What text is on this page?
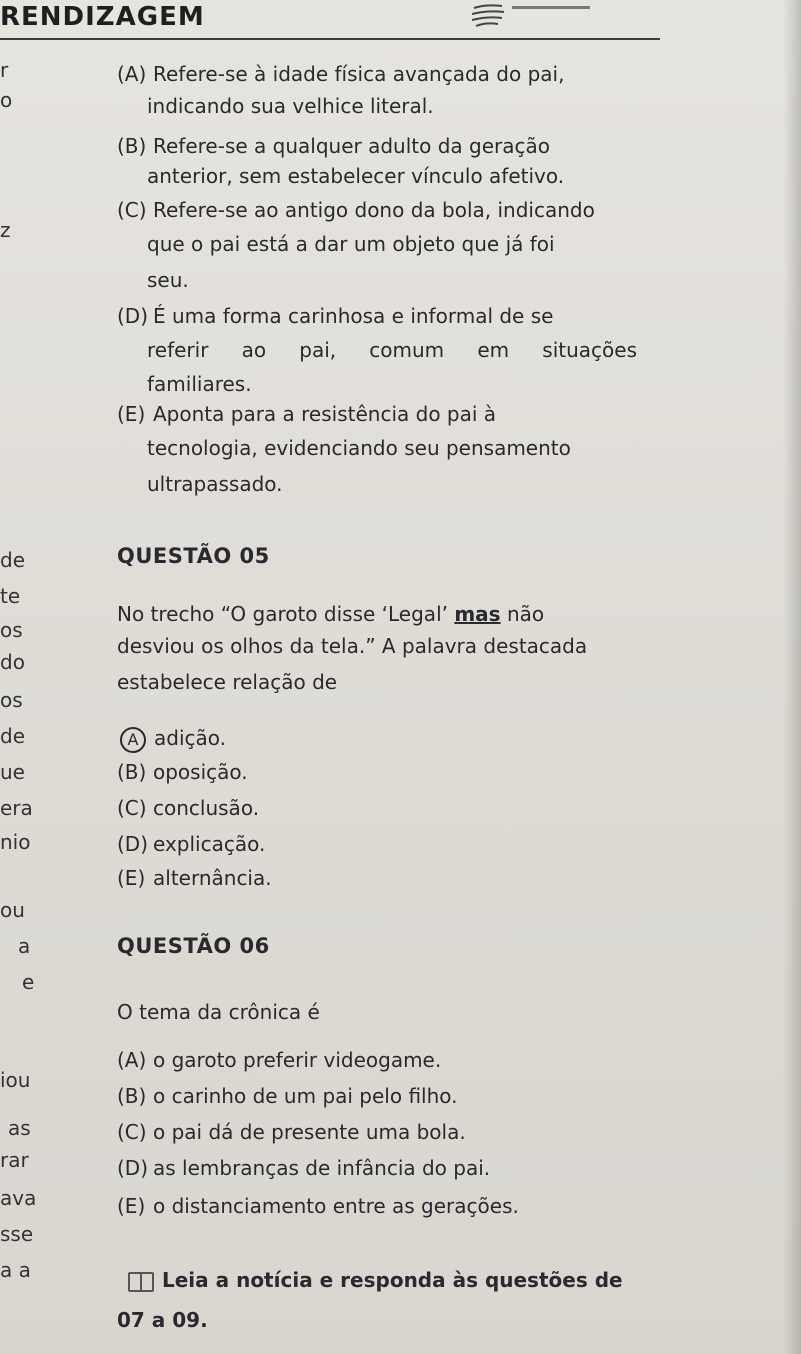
RENDIZAGEM
r
o
z
de
te
os
do
os
de
ue
era
nio
ou
a
e
iou
as
rar
ava
sse
a a
(A) Refere-se à idade física avançada do pai,
indicando sua velhice literal.
(B) Refere-se a qualquer adulto da geração
anterior, sem estabelecer vínculo afetivo.
(C) Refere-se ao antigo dono da bola, indicando
que o pai está a dar um objeto que já foi
seu.
(D) É uma forma carinhosa e informal de se
referir ao pai, comum em situações
familiares.
(E) Aponta para a resistência do pai à
tecnologia, evidenciando seu pensamento
ultrapassado.
QUESTÃO 05
No trecho “O garoto disse ‘Legal’ mas não
desviou os olhos da tela.” A palavra destacada
estabelece relação de
A adição.
(B) oposição.
(C) conclusão.
(D) explicação.
(E) alternância.
QUESTÃO 06
O tema da crônica é
(A) o garoto preferir videogame.
(B) o carinho de um pai pelo filho.
(C) o pai dá de presente uma bola.
(D) as lembranças de infância do pai.
(E) o distanciamento entre as gerações.
Leia a notícia e responda às questões de
07 a 09.
